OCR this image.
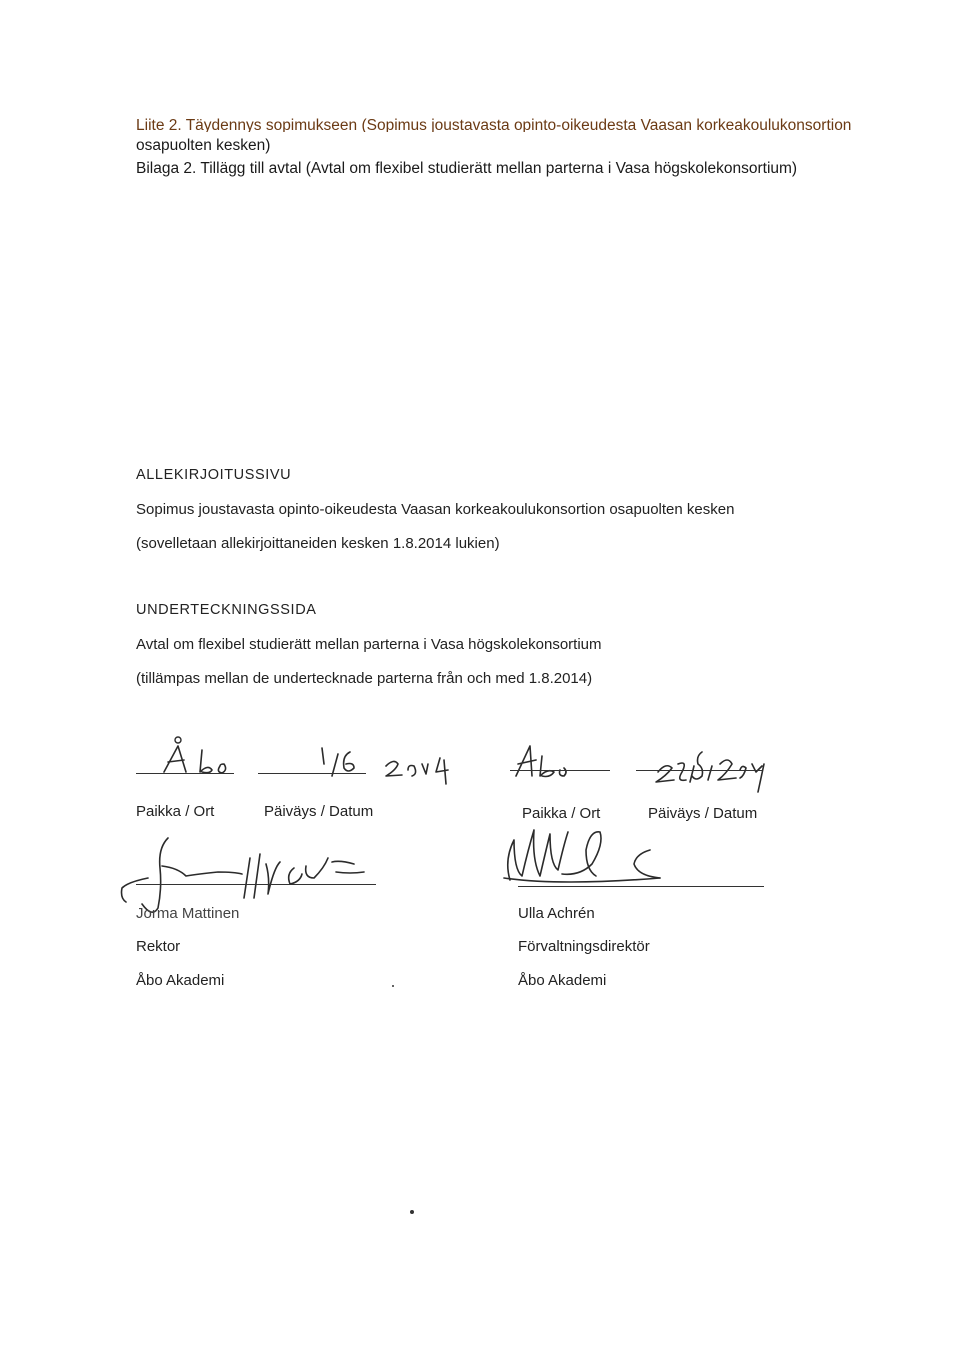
Liite 2. Täydennys sopimukseen (Sopimus joustavasta opinto-oikeudesta Vaasan korkeakoulukonsortion
osapuolten kesken)
Bilaga 2. Tillägg till avtal (Avtal om flexibel studierätt mellan parterna i Vasa högskolekonsortium)
ALLEKIRJOITUSSIVU
Sopimus joustavasta opinto-oikeudesta Vaasan korkeakoulukonsortion osapuolten kesken
(sovelletaan allekirjoittaneiden kesken 1.8.2014 lukien)
UNDERTECKNINGSSIDA
Avtal om flexibel studierätt mellan parterna i Vasa högskolekonsortium
(tillämpas mellan de undertecknade parterna från och med 1.8.2014)
Paikka / Ort	Päiväys / Datum
Jorma Mattinen
Rektor
Åbo Akademi
Paikka / Ort	Päiväys / Datum
Ulla Achrén
Förvaltningsdirektör
Åbo Akademi
